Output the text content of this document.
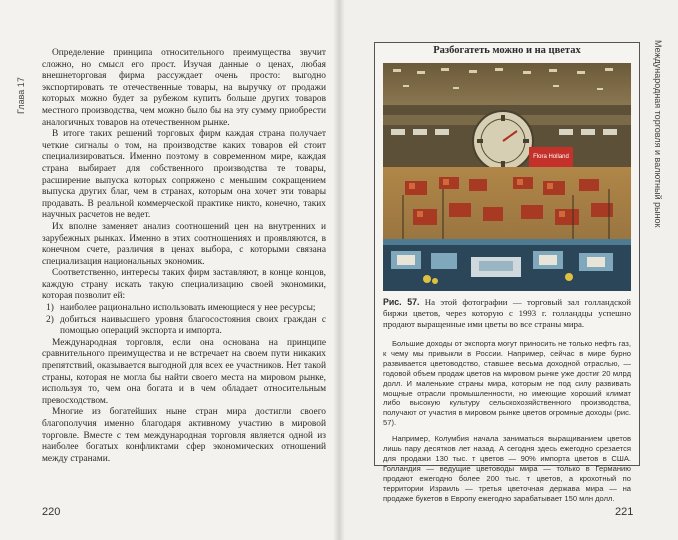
Глава 17

Определение принципа относительного преимущества звучит сложно, но смысл его прост. Изучая данные о ценах, любая внешнеторговая фирма рассуждает очень просто: выгодно экспортировать те отечественные товары, на выручку от продажи которых можно будет за рубежом купить больше других товаров местного производства, чем можно было бы на эту сумму приобрести аналогичных товаров на отечественном рынке.

В итоге таких решений торговых фирм каждая страна получает четкие сигналы о том, на производстве каких товаров ей стоит специализироваться. Именно поэтому в современном мире, каждая страна выбирает для собственного производства те товары, расширение выпуска которых сопряжено с меньшим сокращением выпуска других благ, чем в странах, которым она хочет эти товары продавать. В реальной коммерческой практике никто, конечно, таких научных расчетов не ведет.

Их вполне заменяет анализ соотношений цен на внутренних и зарубежных рынках. Именно в этих соотношениях и проявляются, в конечном счете, различия в ценах выбора, с которыми связана специализация национальных экономик.

Соответственно, интересы таких фирм заставляют, в конце концов, каждую страну искать такую специализацию своей экономики, которая позволит ей:

1) наиболее рационально использовать имеющиеся у нее ресурсы;
2) добиться наивысшего уровня благосостояния своих граждан с помощью операций экспорта и импорта.

Международная торговля, если она основана на принципе сравнительного преимущества и не встречает на своем пути никаких препятствий, оказывается выгодной для всех ее участников. Нет такой страны, которая не могла бы найти своего места на мировом рынке, используя то, чем она богата и в чем обладает относительным превосходством.

Многие из богатейших ныне стран мира достигли своего благополучия именно благодаря активному участию в мировой торговле. Вместе с тем международная торговля является одной из наиболее богатых конфликтами сфер экономических отношений между странами.

220
Международная торговля и валютный рынок
Разбогатеть можно и на цветах
Flora Holland
Рис. 57. На этой фотографии — торговый зал голландской биржи цветов, через которую с 1993 г. голландцы успешно продают выращенные ими цветы во все страны мира.

Большие доходы от экспорта могут приносить не только нефть газ, к чему мы привыкли в России. Например, сейчас в мире бурно развивается цветоводство, ставшее весьма доходной отраслью, — годовой объем продаж цветов на мировом рынке уже достиг 20 млрд долл. И маленькие страны мира, которым не под силу развивать мощные отрасли промышленности, но имеющие хороший климат либо высокую культуру сельскохозяйственного производства, получают от участия в мировом рынке цветов огромные доходы (рис. 57).

Например, Колумбия начала заниматься выращиванием цветов лишь пару десятков лет назад. А сегодня здесь ежегодно срезается для продажи 130 тыс. т цветов — 90% импорта цветов в США. Голландия — ведущие цветоводы мира — только в Германию продают ежегодно более 200 тыс. т цветов, а крохотный по территории Израиль — третья цветочная держава мира — на продаже букетов в Европу ежегодно зарабатывает 150 млн долл.

221
